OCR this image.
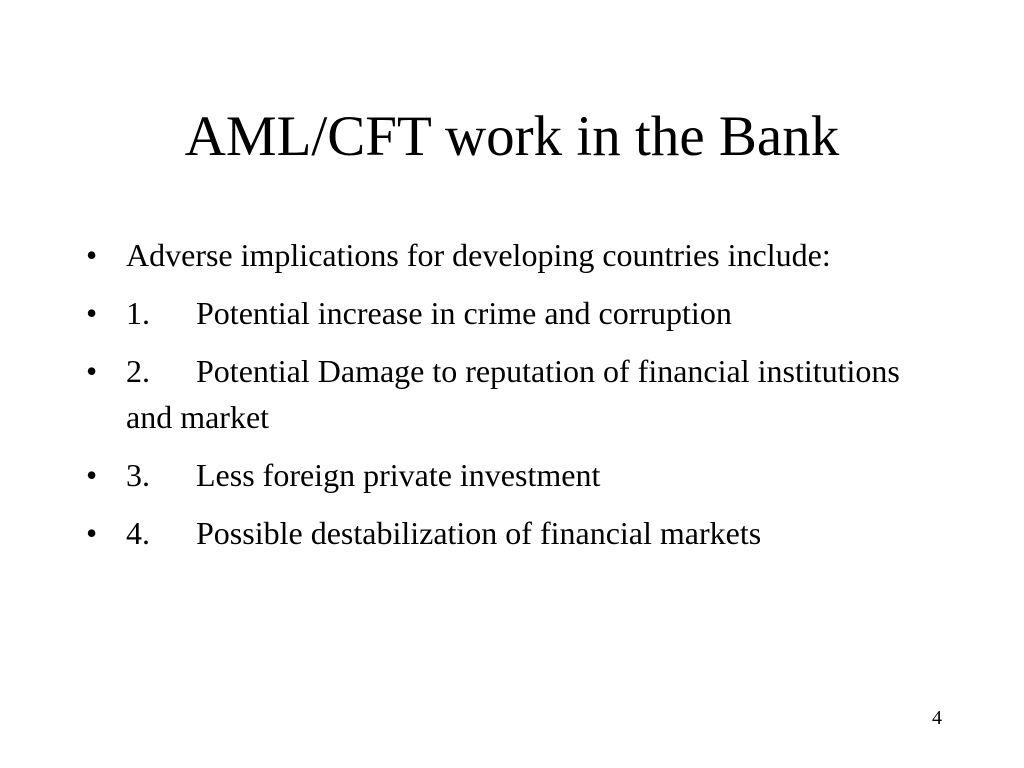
AML/CFT work in the Bank
• Adverse implications for developing countries include:
• 1. Potential increase in crime and corruption
• 2. Potential Damage to reputation of financial institutions and market
• 3. Less foreign private investment
• 4. Possible destabilization of financial markets
4
